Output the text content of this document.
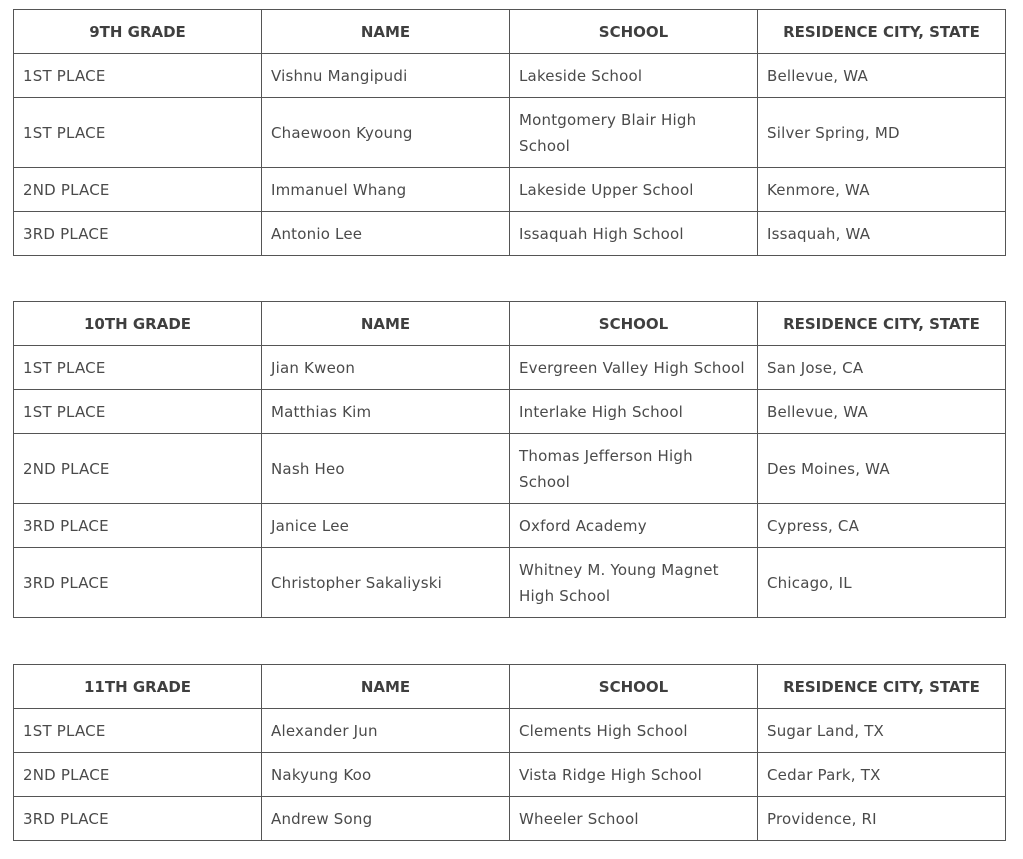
9TH GRADE	NAME	SCHOOL	RESIDENCE CITY, STATE
1ST PLACE	Vishnu Mangipudi	Lakeside School	Bellevue, WA
1ST PLACE	Chaewoon Kyoung	Montgomery Blair High School	Silver Spring, MD
2ND PLACE	Immanuel Whang	Lakeside Upper School	Kenmore, WA
3RD PLACE	Antonio Lee	Issaquah High School	Issaquah, WA
10TH GRADE	NAME	SCHOOL	RESIDENCE CITY, STATE
1ST PLACE	Jian Kweon	Evergreen Valley High School	San Jose, CA
1ST PLACE	Matthias Kim	Interlake High School	Bellevue, WA
2ND PLACE	Nash Heo	Thomas Jefferson High School	Des Moines, WA
3RD PLACE	Janice Lee	Oxford Academy	Cypress, CA
3RD PLACE	Christopher Sakaliyski	Whitney M. Young Magnet High School	Chicago, IL
11TH GRADE	NAME	SCHOOL	RESIDENCE CITY, STATE
1ST PLACE	Alexander Jun	Clements High School	Sugar Land, TX
2ND PLACE	Nakyung Koo	Vista Ridge High School	Cedar Park, TX
3RD PLACE	Andrew Song	Wheeler School	Providence, RI
